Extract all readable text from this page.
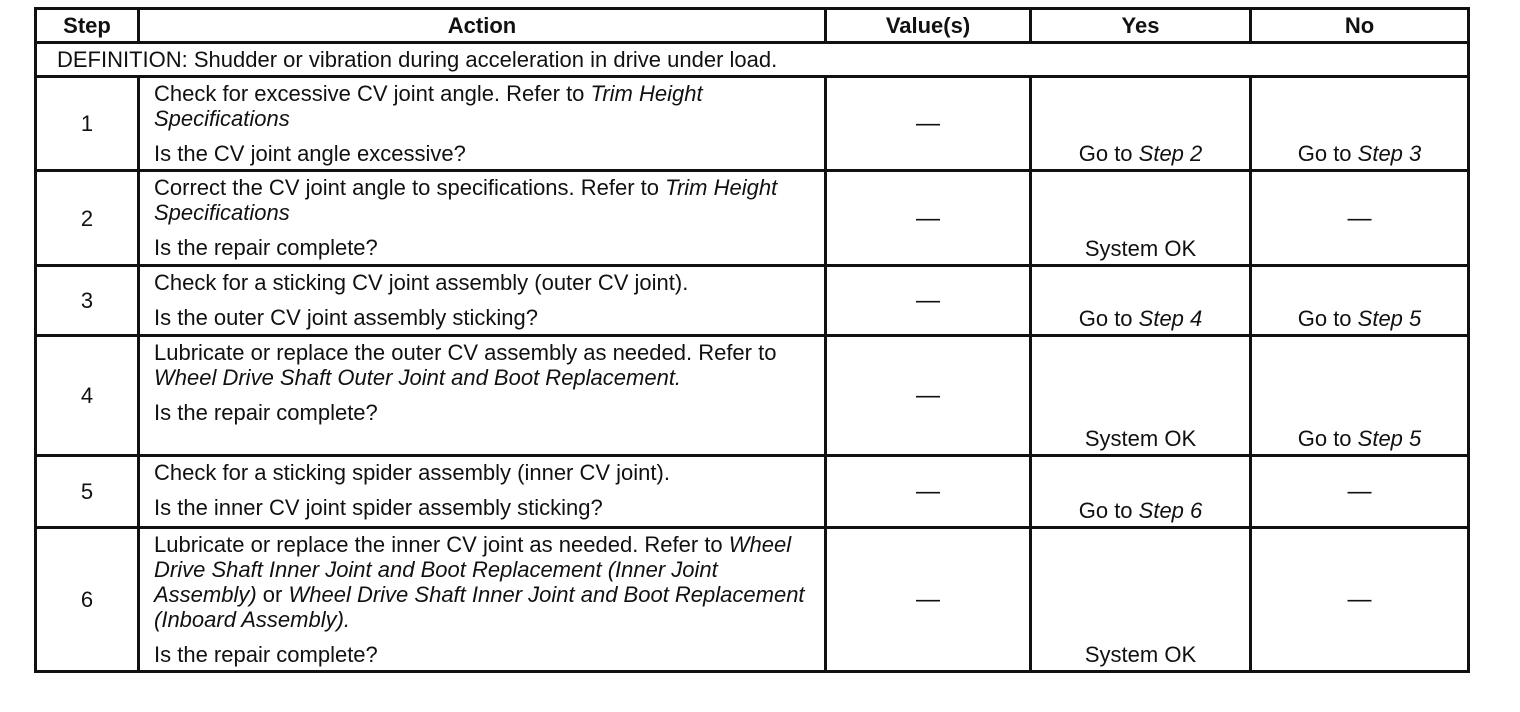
Step	Action	Value(s)	Yes	No
DEFINITION: Shudder or vibration during acceleration in drive under load.				
1	Check for excessive CV joint angle. Refer to Trim Height Specifications
Is the CV joint angle excessive?	—	Go to Step 2	Go to Step 3
2	Correct the CV joint angle to specifications. Refer to Trim Height Specifications
Is the repair complete?	—	System OK	—
3	Check for a sticking CV joint assembly (outer CV joint).
Is the outer CV joint assembly sticking?	—	Go to Step 4	Go to Step 5
4	Lubricate or replace the outer CV assembly as needed. Refer to Wheel Drive Shaft Outer Joint and Boot Replacement.
Is the repair complete?	—	System OK	Go to Step 5
5	Check for a sticking spider assembly (inner CV joint).
Is the inner CV joint spider assembly sticking?	—	Go to Step 6	—
6	Lubricate or replace the inner CV joint as needed. Refer to Wheel Drive Shaft Inner Joint and Boot Replacement (Inner Joint Assembly) or Wheel Drive Shaft Inner Joint and Boot Replacement (Inboard Assembly).
Is the repair complete?	—	System OK	—
